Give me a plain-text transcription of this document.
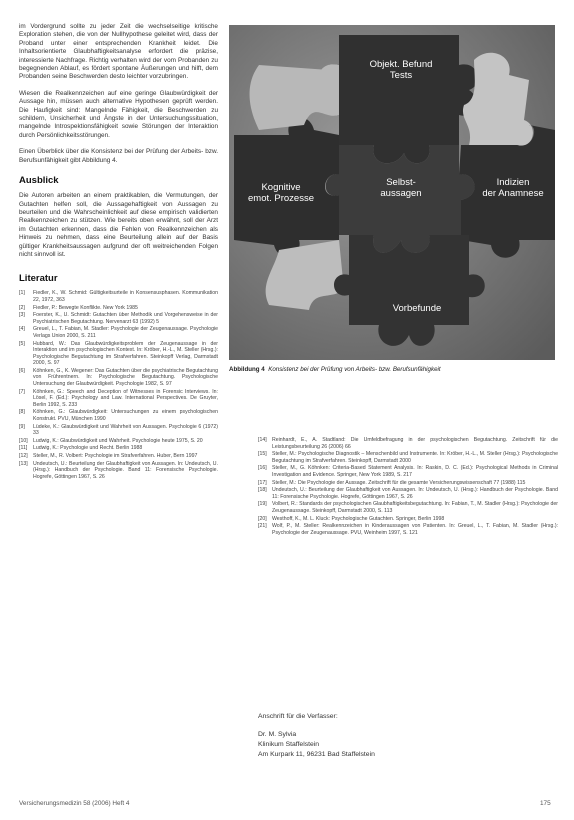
im Vordergrund sollte zu jeder Zeit die wechselseitige kritische Exploration stehen, die von der Nullhypothese geleitet wird, dass der Proband unter einer entsprechenden Krankheit leidet. Die Inhaltsorientierte Glaubhaftigkeitsanalyse erfordert die präzise, interessierte Nachfrage. Richtig verhalten wird der vom Probanden zu begegnenden Ablauf, es fördert spontane Äußerungen und hilft, dem Probanden seine Beschwerden desto leichter vorzubringen.

Wiesen die Realkennzeichen auf eine geringe Glaubwürdigkeit der Aussage hin, müssen auch alternative Hypothesen geprüft werden. Die Haufigkeit sind: Mangelnde Fähigkeit, die Beschwerden zu schildern, Unsicherheit und Ängste in der Untersuchungssituation, mangelnde Introspektionsfähigkeit sowie Störungen der Interaktion durch Persönlichkeitsstörungen.

Einen Überblick über die Konsistenz bei der Prüfung der Arbeits- bzw. Berufsunfähigkeit gibt Abbildung 4.

Ausblick

Die Autoren arbeiten an einem praktikablen, die Vermutungen, der Gutachten helfen soll, die Aussagehaftigkeit von Aussagen zu beurteilen und die Wahrscheinlichkeit auf diese empirisch validierten Realkennzeichen zu stützen. Wie bereits oben erwähnt, soll der Arzt im Gutachten erkennen, dass die Fehlen von Realkennzeichen als Hinweis zu nehmen, dass eine Beurteilung allein auf der Basis gültiger Krankheitsaussagen aufgrund der oft weitreichenden Folgen nicht sinnvoll ist.

Literatur
[1]	Fiedler, K., W. Schmid: Gültigkeitsurteile in Konsensusphasen. Kommunikation 22, 1972, 363
[2]	Fiedler, P.: Bewegte Konflikte. New York 1985
[3]	Foerster, K., U. Schmidt: Gutachten über Methodik und Vorgehensweise in der Psychiatrischen Begutachtung. Nervenarzt 63 (1992) 5
[4]	Greuel, L., T. Fabian, M. Stadler: Psychologie der Zeugenaussage. Psychologie Verlags Union 2000, S. 211
[5]	Hubbard, W.: Das Glaubwürdigkeitsproblem der Zeugenaussage in der Interaktion und im psychologischen Kontext. In: Kröber, H.-L., M. Steller (Hrsg.): Psychologische Begutachtung im Strafverfahren. Steinkopff Verlag, Darmstadt 2000, S. 97
[6]	Köhnken, G., K. Wegener: Das Gutachten über die psychiatrische Begutachtung von Frührentnern. In: Psychologische Begutachtung. Psychologische Untersuchung der Glaubwürdigkeit. Psychologie 1982, S. 97
[7]	Köhnken, G.: Speech and Deception of Witnesses in Forensic Interviews. In: Lösel, F. (Ed.): Psychology and Law. International Perspectives. De Gruyter, Berlin 1992, S. 233
[8]	Köhnken, G.: Glaubwürdigkeit: Untersuchungen zu einem psychologischen Konstrukt. PVU, München 1990
[9]	Lüdeke, K.: Glaubwürdigkeit und Wahrheit von Aussagen. Psychologie 6 (1972) 33
[10]	Ludwig, K.: Glaubwürdigkeit und Wahrheit. Psychologie heute 1975, S. 20
[11]	Ludwig, K.: Psychologie und Recht. Berlin 1988
[12]	Steller, M., R. Volbert: Psychologie im Strafverfahren. Huber, Bern 1997
[13]	Undeutsch, U.: Beurteilung der Glaubhaftigkeit von Aussagen. In: Undeutsch, U. (Hrsg.): Handbuch der Psychologie. Band 11: Forensische Psychologie. Hogrefe, Göttingen 1967, S. 26
Objekt. Befund Tests
Kognitive emot. Prozesse
Selbst-aussagen
Indizien der Anamnese
Vorbefunde
Abbildung 4 Konsistenz bei der Prüfung von Arbeits- bzw. Berufsunfähigkeit
[14]	Reinhardt, E., A. Stadtland: Die Umfeldbefragung in der psychologischen Begutachtung. Zeitschrift für die Leistungsbeurteilung 26 (2006) 66
[15]	Steller, M.: Psychologische Diagnostik – Menschenbild und Instrumente. In: Kröber, H.-L., M. Steller (Hrsg.): Psychologische Begutachtung im Strafverfahren. Steinkopff, Darmstadt 2000
[16]	Steller, M., G. Köhnken: Criteria-Based Statement Analysis. In: Raskin, D. C. (Ed.): Psychological Methods in Criminal Investigation and Evidence. Springer, New York 1989, S. 217
[17]	Steller, M.: Die Psychologie der Aussage. Zeitschrift für die gesamte Versicherungswissenschaft 77 (1988) 115
[18]	Undeutsch, U.: Beurteilung der Glaubhaftigkeit von Aussagen. In: Undeutsch, U. (Hrsg.): Handbuch der Psychologie. Band 11: Forensische Psychologie. Hogrefe, Göttingen 1967, S. 26
[19]	Volbert, R.: Standards der psychologischen Glaubhaftigkeitsbegutachtung. In: Fabian, T., M. Stadler (Hrsg.): Psychologie der Zeugenaussage. Steinkopff, Darmstadt 2000, S. 113
[20]	Westhoff, K., M. L. Kluck: Psychologische Gutachten. Springer, Berlin 1998
[21]	Wolf, P., M. Steller: Realkennzeichen in Kinderaussagen von Patienten. In: Greuel, L., T. Fabian, M. Stadler (Hrsg.): Psychologie der Zeugenaussage. PVU, Weinheim 1997, S. 121
Anschrift für die Verfasser:
Dr. M. Sylvia
Klinikum Staffelstein
Am Kurpark 11, 96231 Bad Staffelstein
Versicherungsmedizin 58 (2006) Heft 4	175
